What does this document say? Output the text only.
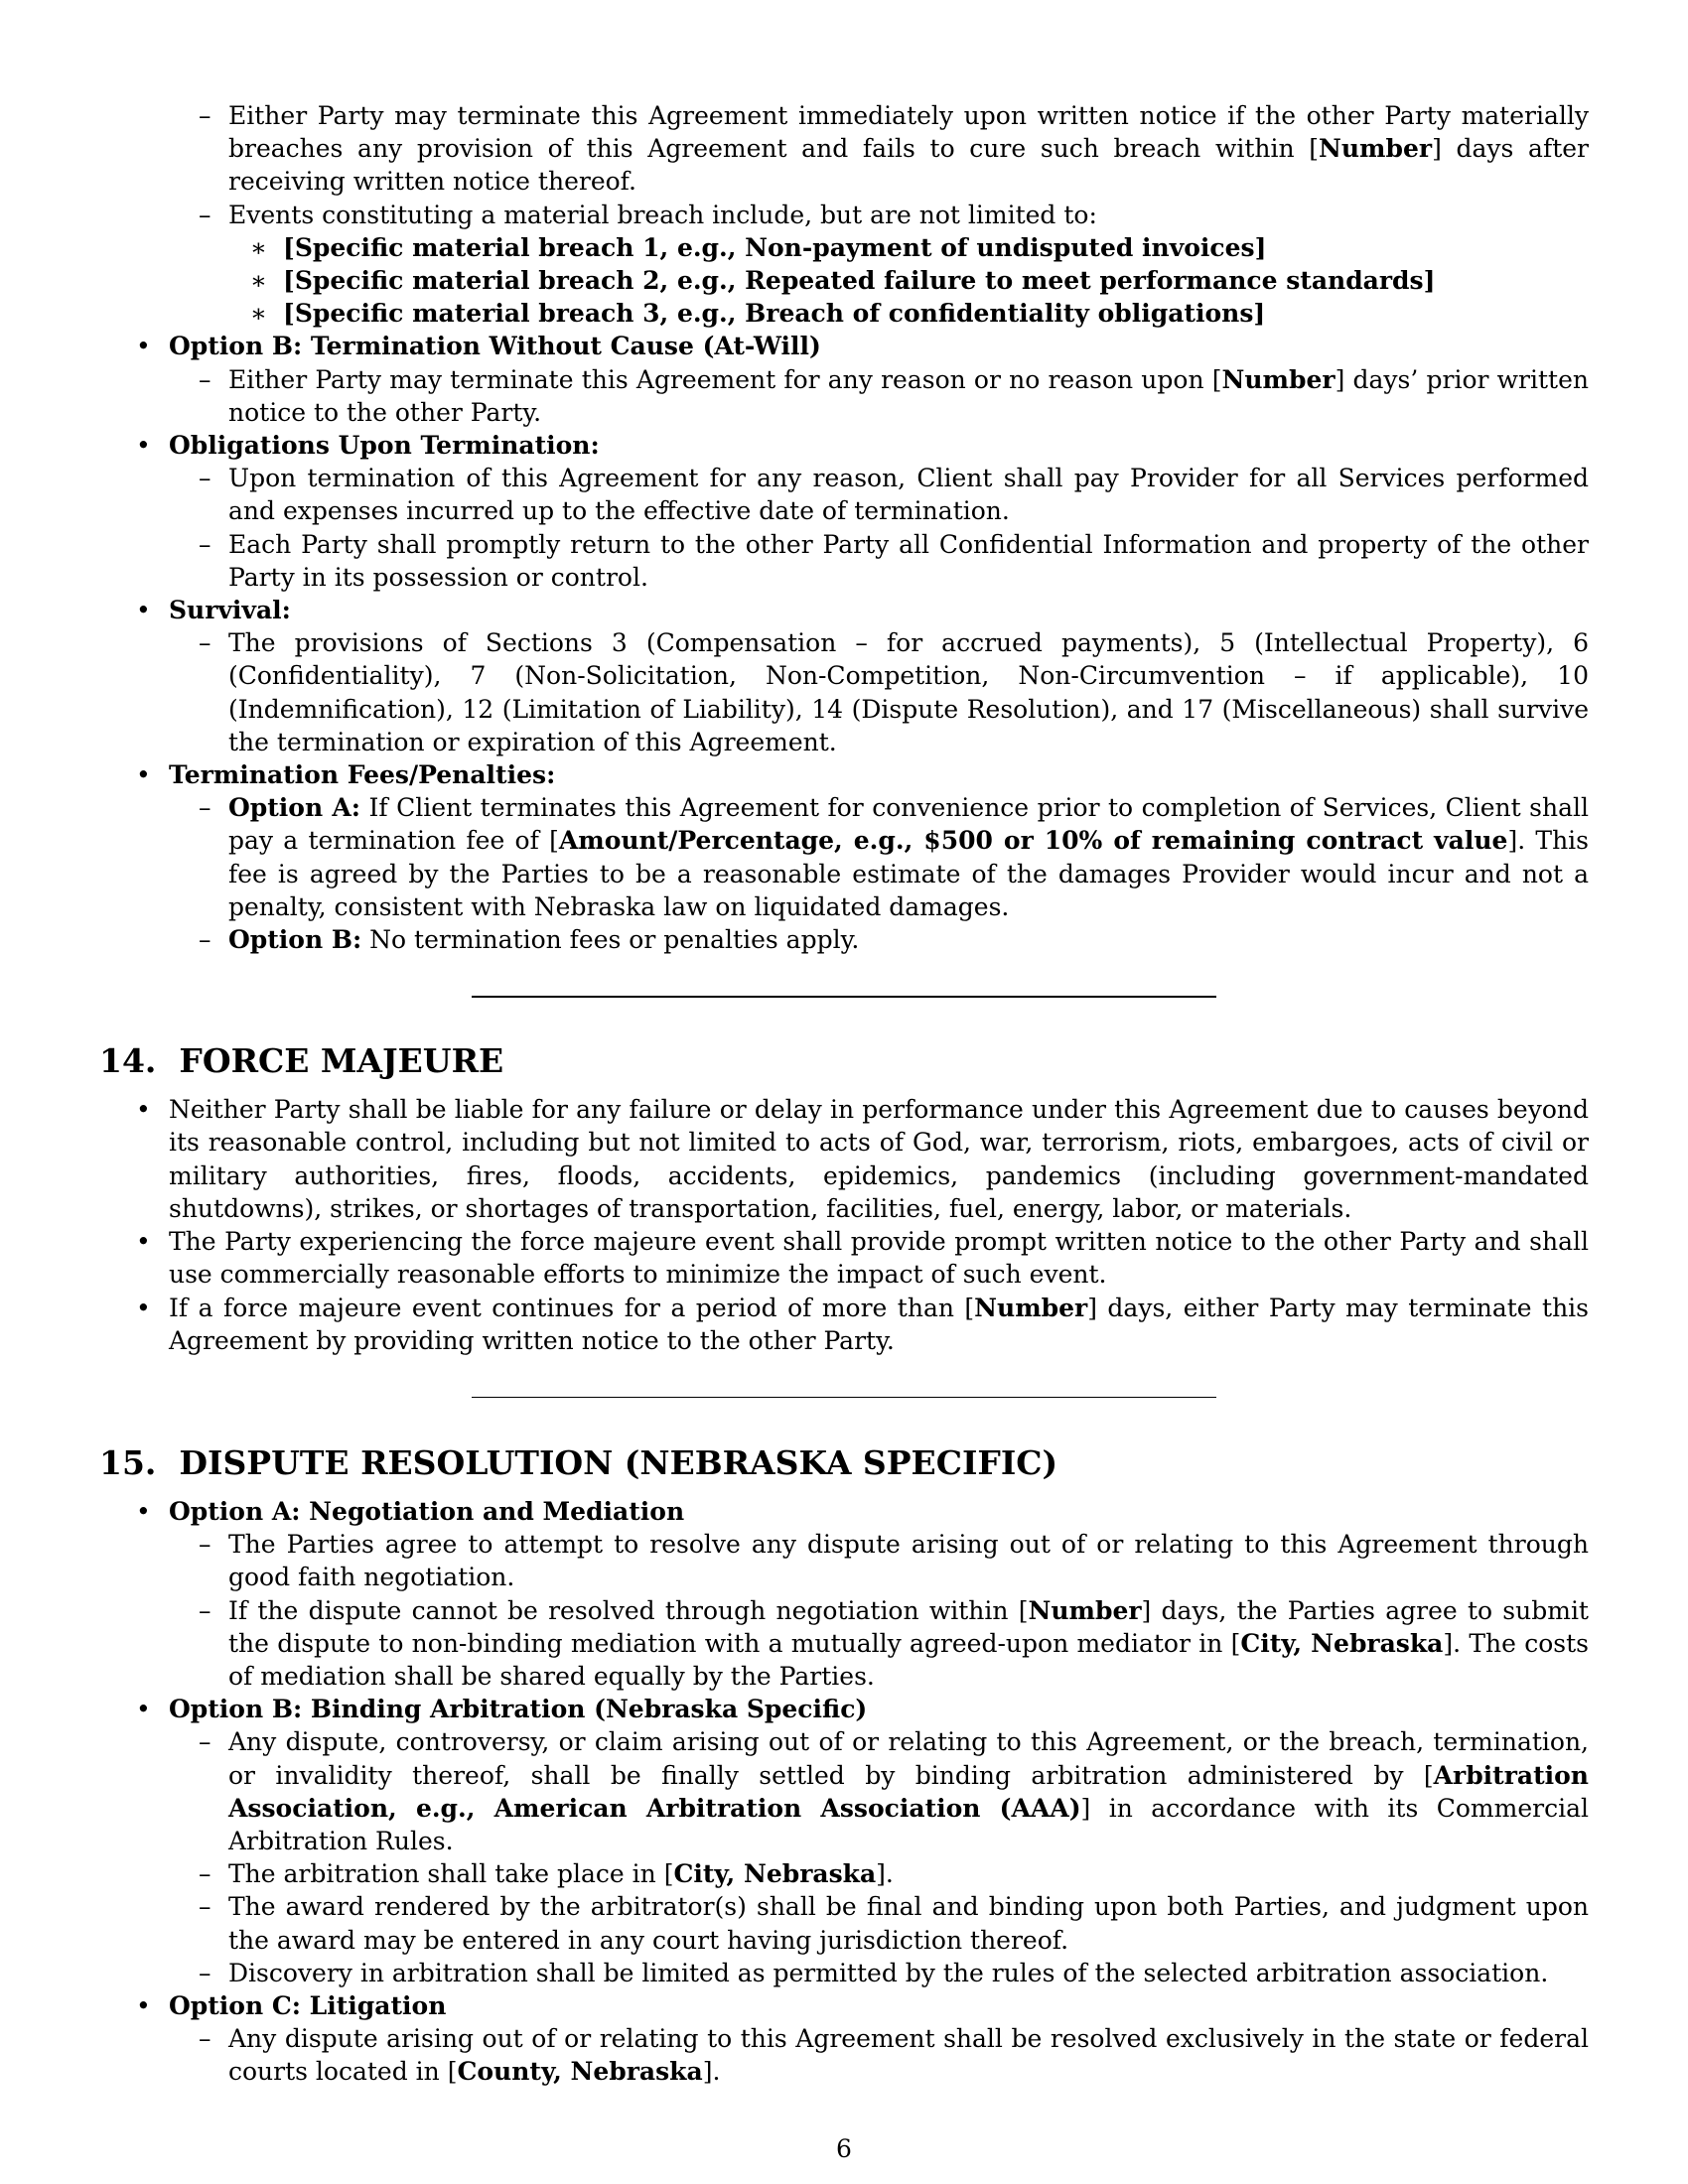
– Either Party may terminate this Agreement immediately upon written notice if the other Party materially breaches any provision of this Agreement and fails to cure such breach within [Number] days after receiving written notice thereof.
– Events constituting a material breach include, but are not limited to:
∗ [Specific material breach 1, e.g., Non-payment of undisputed invoices]
∗ [Specific material breach 2, e.g., Repeated failure to meet performance standards]
∗ [Specific material breach 3, e.g., Breach of confidentiality obligations]
• Option B: Termination Without Cause (At-Will)
– Either Party may terminate this Agreement for any reason or no reason upon [Number] days’ prior written notice to the other Party.
• Obligations Upon Termination:
– Upon termination of this Agreement for any reason, Client shall pay Provider for all Services performed and expenses incurred up to the effective date of termination.
– Each Party shall promptly return to the other Party all Confidential Information and property of the other Party in its possession or control.
• Survival:
– The provisions of Sections 3 (Compensation – for accrued payments), 5 (Intellectual Property), 6 (Confidentiality), 7 (Non-Solicitation, Non-Competition, Non-Circumvention – if applicable), 10 (Indemnification), 12 (Limitation of Liability), 14 (Dispute Resolution), and 17 (Miscellaneous) shall survive the termination or expiration of this Agreement.
• Termination Fees/Penalties:
– Option A: If Client terminates this Agreement for convenience prior to completion of Services, Client shall pay a termination fee of [Amount/Percentage, e.g., $500 or 10% of remaining contract value]. This fee is agreed by the Parties to be a reasonable estimate of the damages Provider would incur and not a penalty, consistent with Nebraska law on liquidated damages.
– Option B: No termination fees or penalties apply.
14.  FORCE MAJEURE
• Neither Party shall be liable for any failure or delay in performance under this Agreement due to causes beyond its reasonable control, including but not limited to acts of God, war, terrorism, riots, embargoes, acts of civil or military authorities, fires, floods, accidents, epidemics, pandemics (including government-mandated shutdowns), strikes, or shortages of transportation, facilities, fuel, energy, labor, or materials.
• The Party experiencing the force majeure event shall provide prompt written notice to the other Party and shall use commercially reasonable efforts to minimize the impact of such event.
• If a force majeure event continues for a period of more than [Number] days, either Party may terminate this Agreement by providing written notice to the other Party.
15.  DISPUTE RESOLUTION (NEBRASKA SPECIFIC)
• Option A: Negotiation and Mediation
– The Parties agree to attempt to resolve any dispute arising out of or relating to this Agreement through good faith negotiation.
– If the dispute cannot be resolved through negotiation within [Number] days, the Parties agree to submit the dispute to non-binding mediation with a mutually agreed-upon mediator in [City, Nebraska]. The costs of mediation shall be shared equally by the Parties.
• Option B: Binding Arbitration (Nebraska Specific)
– Any dispute, controversy, or claim arising out of or relating to this Agreement, or the breach, termination, or invalidity thereof, shall be finally settled by binding arbitration administered by [Arbitration Association, e.g., American Arbitration Association (AAA)] in accordance with its Commercial Arbitration Rules.
– The arbitration shall take place in [City, Nebraska].
– The award rendered by the arbitrator(s) shall be final and binding upon both Parties, and judgment upon the award may be entered in any court having jurisdiction thereof.
– Discovery in arbitration shall be limited as permitted by the rules of the selected arbitration association.
• Option C: Litigation
– Any dispute arising out of or relating to this Agreement shall be resolved exclusively in the state or federal courts located in [County, Nebraska].
6
